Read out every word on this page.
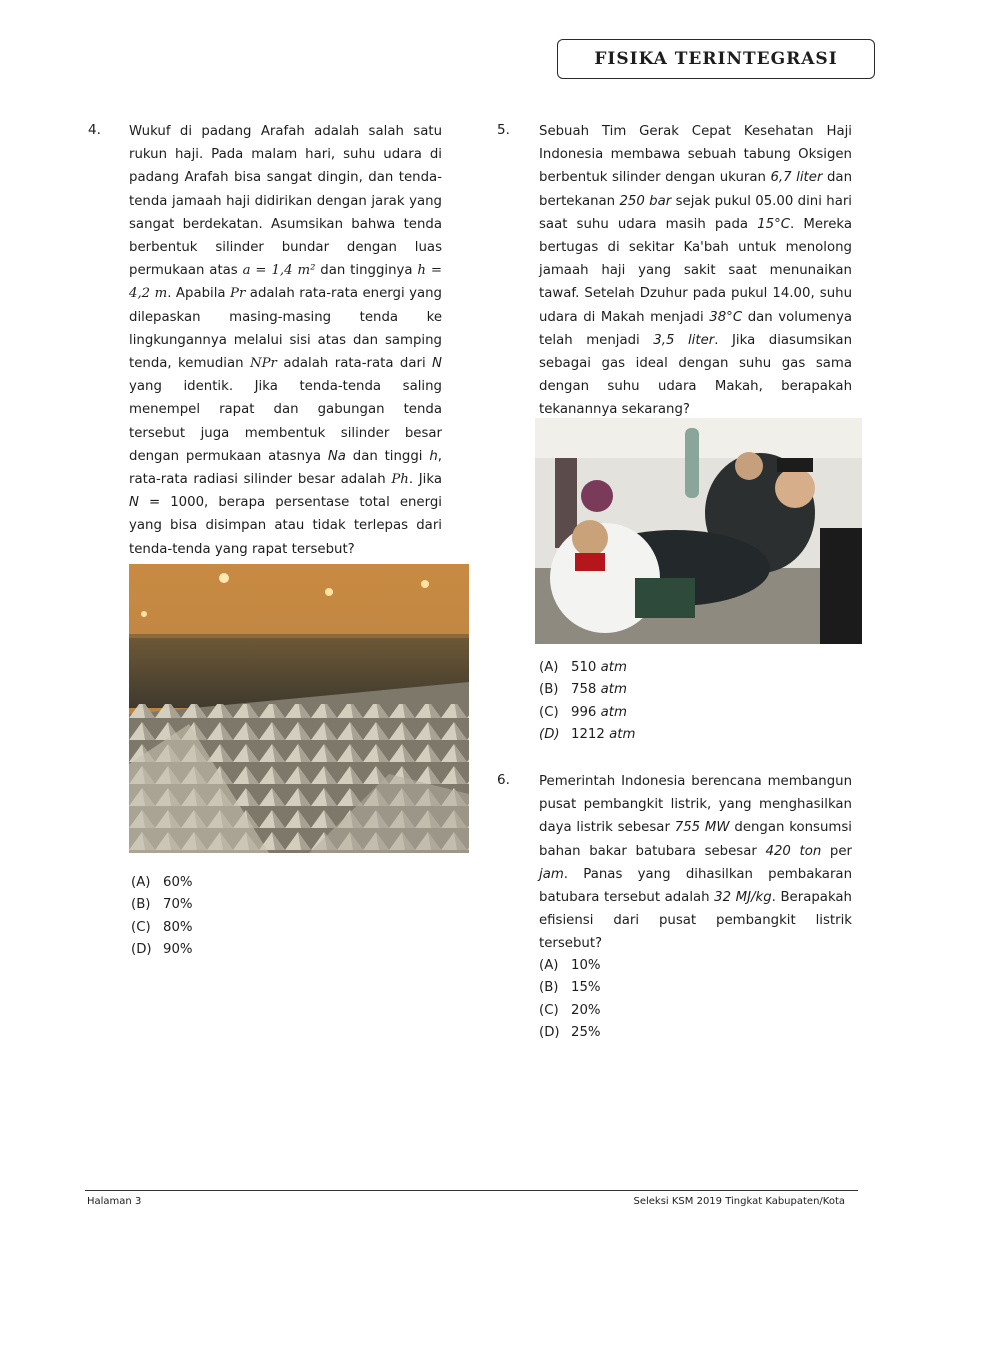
FISIKA TERINTEGRASI
4. Wukuf di padang Arafah adalah salah satu rukun haji. Pada malam hari, suhu udara di padang Arafah bisa sangat dingin, dan tenda-tenda jamaah haji didirikan dengan jarak yang sangat berdekatan. Asumsikan bahwa tenda berbentuk silinder bundar dengan luas permukaan atas a = 1,4 m² dan tingginya h = 4,2 m. Apabila Pr adalah rata-rata energi yang dilepaskan masing-masing tenda ke lingkungannya melalui sisi atas dan samping tenda, kemudian NPr adalah rata-rata dari N yang identik. Jika tenda-tenda saling menempel rapat dan gabungan tenda tersebut juga membentuk silinder besar dengan permukaan atasnya Na dan tinggi h, rata-rata radiasi silinder besar adalah Ph. Jika N = 1000, berapa persentase total energi yang bisa disimpan atau tidak terlepas dari tenda-tenda yang rapat tersebut?
(A) 60%
(B) 70%
(C) 80%
(D) 90%
5. Sebuah Tim Gerak Cepat Kesehatan Haji Indonesia membawa sebuah tabung Oksigen berbentuk silinder dengan ukuran 6,7 liter dan bertekanan 250 bar sejak pukul 05.00 dini hari saat suhu udara masih pada 15°C. Mereka bertugas di sekitar Ka'bah untuk menolong jamaah haji yang sakit saat menunaikan tawaf. Setelah Dzuhur pada pukul 14.00, suhu udara di Makah menjadi 38°C dan volumenya telah menjadi 3,5 liter. Jika diasumsikan sebagai gas ideal dengan suhu gas sama dengan suhu udara Makah, berapakah tekanannya sekarang?
(A) 510
atm
(B) 758
atm
(C) 996
atm
(D) 1212
atm
6. Pemerintah Indonesia berencana membangun pusat pembangkit listrik, yang menghasilkan daya listrik sebesar 755 MW dengan konsumsi bahan bakar batubara sebesar 420 ton per jam. Panas yang dihasilkan pembakaran batubara tersebut adalah 32 MJ/kg. Berapakah efisiensi dari pusat pembangkit listrik tersebut?
(A) 10%
(B) 15%
(C) 20%
(D) 25%
Halaman 3	Seleksi KSM 2019 Tingkat Kabupaten/Kota
